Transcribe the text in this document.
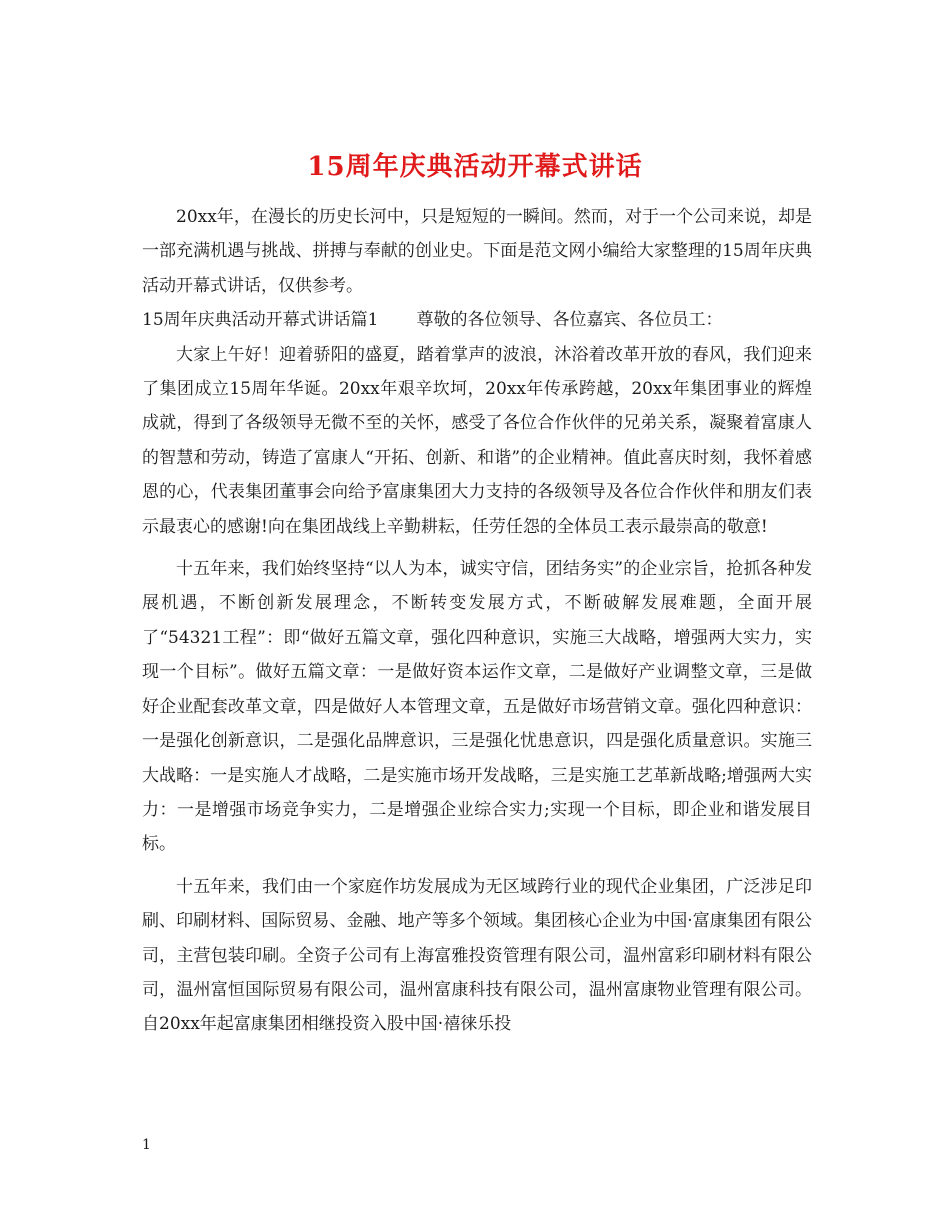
15周年庆典活动开幕式讲话

20xx年，在漫长的历史长河中，只是短短的一瞬间。然而，对于一个公司来说，却是一部充满机遇与挑战、拼搏与奉献的创业史。下面是范文网小编给大家整理的15周年庆典活动开幕式讲话，仅供参考。

15周年庆典活动开幕式讲话篇1 尊敬的各位领导、各位嘉宾、各位员工：

大家上午好！迎着骄阳的盛夏，踏着掌声的波浪，沐浴着改革开放的春风，我们迎来了集团成立15周年华诞。20xx年艰辛坎坷，20xx年传承跨越，20xx年集团事业的辉煌成就，得到了各级领导无微不至的关怀，感受了各位合作伙伴的兄弟关系，凝聚着富康人的智慧和劳动，铸造了富康人“开拓、创新、和谐”的企业精神。值此喜庆时刻，我怀着感恩的心，代表集团董事会向给予富康集团大力支持的各级领导及各位合作伙伴和朋友们表示最衷心的感谢!向在集团战线上辛勤耕耘，任劳任怨的全体员工表示最崇高的敬意!

十五年来，我们始终坚持“以人为本，诚实守信，团结务实”的企业宗旨，抢抓各种发展机遇，不断创新发展理念，不断转变发展方式，不断破解发展难题，全面开展了“54321工程”：即“做好五篇文章，强化四种意识，实施三大战略，增强两大实力，实现一个目标”。做好五篇文章：一是做好资本运作文章，二是做好产业调整文章，三是做好企业配套改革文章，四是做好人本管理文章，五是做好市场营销文章。强化四种意识：一是强化创新意识，二是强化品牌意识，三是强化忧患意识，四是强化质量意识。实施三大战略：一是实施人才战略，二是实施市场开发战略，三是实施工艺革新战略;增强两大实力：一是增强市场竞争实力，二是增强企业综合实力;实现一个目标，即企业和谐发展目标。

十五年来，我们由一个家庭作坊发展成为无区域跨行业的现代企业集团，广泛涉足印刷、印刷材料、国际贸易、金融、地产等多个领域。集团核心企业为中国·富康集团有限公司，主营包装印刷。全资子公司有上海富雅投资管理有限公司，温州富彩印刷材料有限公司，温州富恒国际贸易有限公司，温州富康科技有限公司，温州富康物业管理有限公司。自20xx年起富康集团相继投资入股中国·禧徕乐投

1
